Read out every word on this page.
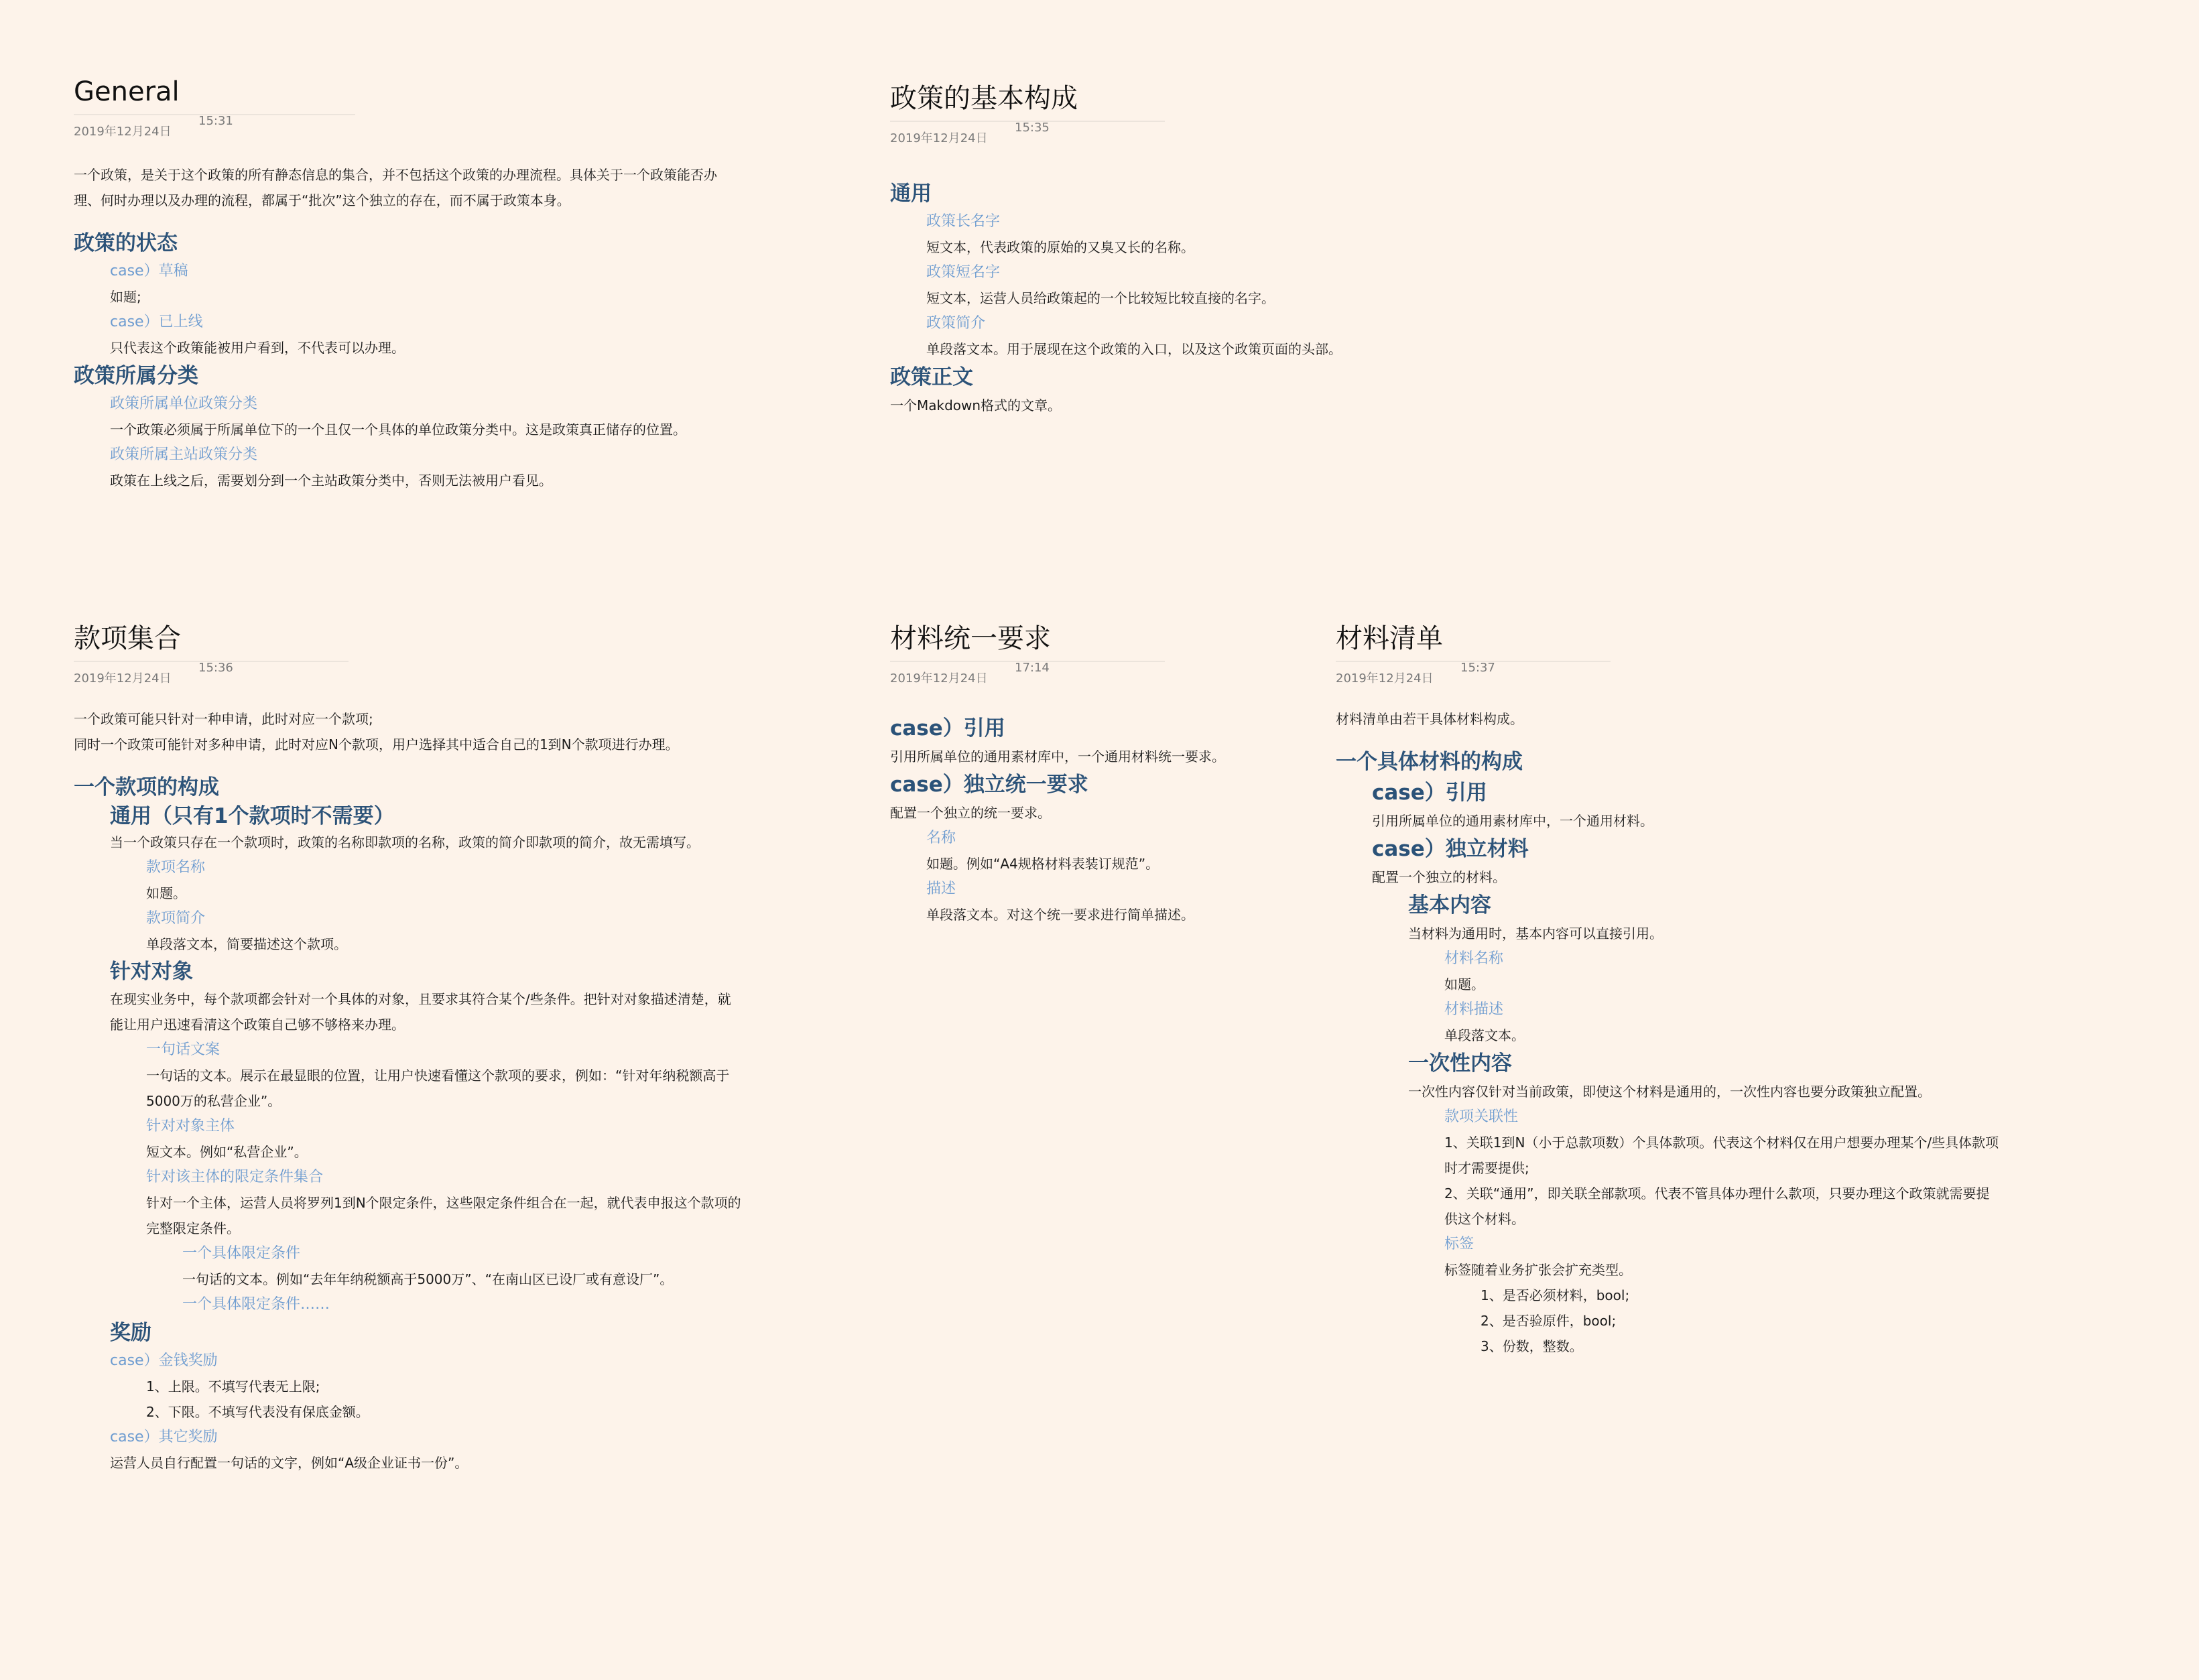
General
2019年12月24日
15:31

一个政策，是关于这个政策的所有静态信息的集合，并不包括这个政策的办理流程。具体关于一个政策能否办
理、何时办理以及办理的流程，都属于“批次”这个独立的存在，而不属于政策本身。

政策的状态
case）草稿
如题;
case）已上线
只代表这个政策能被用户看到，不代表可以办理。
政策所属分类
政策所属单位政策分类
一个政策必须属于所属单位下的一个且仅一个具体的单位政策分类中。这是政策真正储存的位置。
政策所属主站政策分类
政策在上线之后，需要划分到一个主站政策分类中，否则无法被用户看见。
政策的基本构成
2019年12月24日
15:35
通用
政策长名字
短文本，代表政策的原始的又臭又长的名称。
政策短名字
短文本，运营人员给政策起的一个比较短比较直接的名字。
政策简介
单段落文本。用于展现在这个政策的入口，以及这个政策页面的头部。
政策正文
一个Makdown格式的文章。
款项集合
2019年12月24日
15:36

一个政策可能只针对一种申请，此时对应一个款项;
同时一个政策可能针对多种申请，此时对应N个款项，用户选择其中适合自己的1到N个款项进行办理。

一个款项的构成
通用（只有1个款项时不需要）
当一个政策只存在一个款项时，政策的名称即款项的名称，政策的简介即款项的简介，故无需填写。
款项名称
如题。
款项简介
单段落文本，简要描述这个款项。
针对对象

在现实业务中，每个款项都会针对一个具体的对象，且要求其符合某个/些条件。把针对对象描述清楚，就
能让用户迅速看清这个政策自己够不够格来办理。

一句话文案

一句话的文本。展示在最显眼的位置，让用户快速看懂这个款项的要求，例如：“针对年纳税额高于
5000万的私营企业”。

针对对象主体
短文本。例如“私营企业”。
针对该主体的限定条件集合

针对一个主体，运营人员将罗列1到N个限定条件，这些限定条件组合在一起，就代表申报这个款项的
完整限定条件。

一个具体限定条件
一句话的文本。例如“去年年纳税额高于5000万”、“在南山区已设厂或有意设厂”。
一个具体限定条件……
奖励
case）金钱奖励
1、上限。不填写代表无上限;
2、下限。不填写代表没有保底金额。
case）其它奖励
运营人员自行配置一句话的文字，例如“A级企业证书一份”。
材料统一要求
2019年12月24日
17:14
case）引用
引用所属单位的通用素材库中，一个通用材料统一要求。
case）独立统一要求
配置一个独立的统一要求。
名称
如题。例如“A4规格材料表装订规范”。
描述
单段落文本。对这个统一要求进行简单描述。
材料清单
2019年12月24日
15:37
材料清单由若干具体材料构成。
一个具体材料的构成
case）引用
引用所属单位的通用素材库中，一个通用材料。
case）独立材料
配置一个独立的材料。
基本内容
当材料为通用时，基本内容可以直接引用。
材料名称
如题。
材料描述
单段落文本。
一次性内容
一次性内容仅针对当前政策，即使这个材料是通用的，一次性内容也要分政策独立配置。
款项关联性

1、关联1到N（小于总款项数）个具体款项。代表这个材料仅在用户想要办理某个/些具体款项
时才需要提供;

2、关联“通用”，即关联全部款项。代表不管具体办理什么款项，只要办理这个政策就需要提
供这个材料。

标签
标签随着业务扩张会扩充类型。
1、是否必须材料，bool;
2、是否验原件，bool;
3、份数，整数。
